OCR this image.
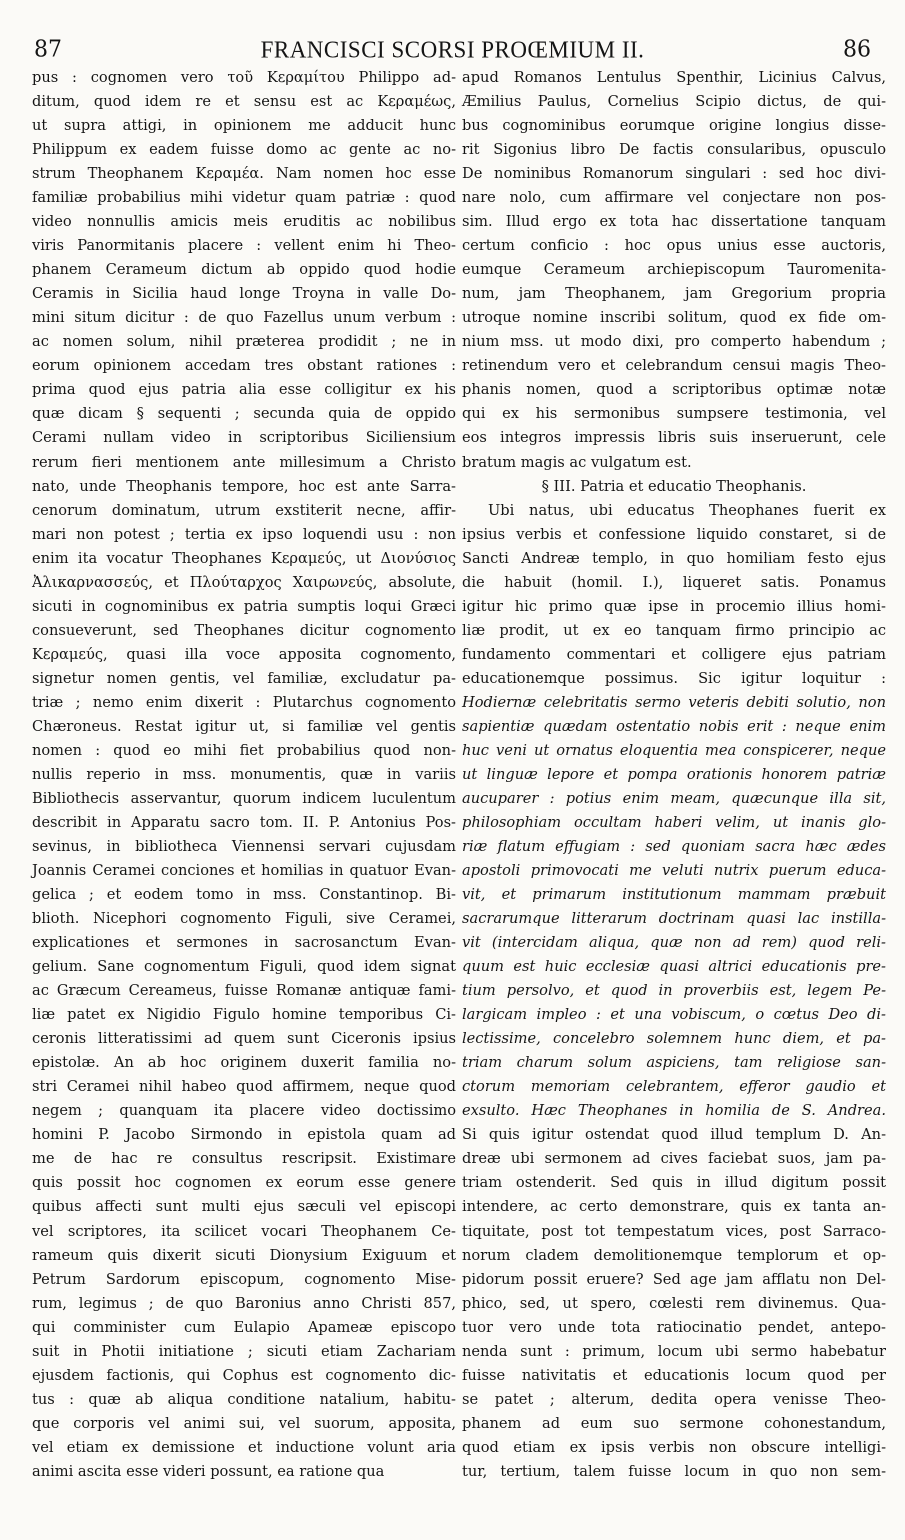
87	FRANCISCI SCORSI PROŒMIUM II.	86
pus : cognomen vero τοῦ Κεραμίτου Philippo ad-
ditum, quod idem re et sensu est ac Κεραμέως,
ut supra attigi, in opinionem me adducit hunc
Philippum ex eadem fuisse domo ac gente ac no-
strum Theophanem Κεραμέα. Nam nomen hoc esse
familiæ probabilius mihi videtur quam patriæ : quod
video nonnullis amicis meis eruditis ac nobilibus
viris Panormitanis placere : vellent enim hi Theo-
phanem Cerameum dictum ab oppido quod hodie
Ceramis in Sicilia haud longe Troyna in valle Do-
mini situm dicitur : de quo Fazellus unum verbum :
ac nomen solum, nihil præterea prodidit ; ne in
eorum opinionem accedam tres obstant rationes :
prima quod ejus patria alia esse colligitur ex his
quæ dicam § sequenti ; secunda quia de oppido
Cerami nullam video in scriptoribus Siciliensium
rerum fieri mentionem ante millesimum a Christo
nato, unde Theophanis tempore, hoc est ante Sarra-
cenorum dominatum, utrum exstiterit necne, affir-
mari non potest ; tertia ex ipso loquendi usu : non
enim ita vocatur Theophanes Κεραμεύς, ut Διονύσιος
Ἀλικαρνασσεύς, et Πλούταρχος Χαιρωνεύς, absolute,
sicuti in cognominibus ex patria sumptis loqui Græci
consueverunt, sed Theophanes dicitur cognomento
Κεραμεύς, quasi illa voce apposita cognomento,
signetur nomen gentis, vel familiæ, excludatur pa-
triæ ; nemo enim dixerit : Plutarchus cognomento
Chæroneus. Restat igitur ut, si familiæ vel gentis
nomen : quod eo mihi fiet probabilius quod non-
nullis reperio in mss. monumentis, quæ in variis
Bibliothecis asservantur, quorum indicem luculentum
describit in Apparatu sacro tom. II. P. Antonius Pos-
sevinus, in bibliotheca Viennensi servari cujusdam
Joannis Ceramei conciones et homilias in quatuor Evan-
gelica ; et eodem tomo in mss. Constantinop. Bi-
blioth. Nicephori cognomento Figuli, sive Ceramei,
explicationes et sermones in sacrosanctum Evan-
gelium. Sane cognomentum Figuli, quod idem signat
ac Græcum Cereameus, fuisse Romanæ antiquæ fami-
liæ patet ex Nigidio Figulo homine temporibus Ci-
ceronis litteratissimi ad quem sunt Ciceronis ipsius
epistolæ. An ab hoc originem duxerit familia no-
stri Ceramei nihil habeo quod affirmem, neque quod
negem ; quanquam ita placere video doctissimo
homini P. Jacobo Sirmondo in epistola quam ad
me de hac re consultus rescripsit. Existimare
quis possit hoc cognomen ex eorum esse genere
quibus affecti sunt multi ejus sæculi vel episcopi
vel scriptores, ita scilicet vocari Theophanem Ce-
rameum quis dixerit sicuti Dionysium Exiguum et
Petrum Sardorum episcopum, cognomento Mise-
rum, legimus ; de quo Baronius anno Christi 857,
qui comminister cum Eulapio Apameæ episcopo
suit in Photii initiatione ; sicuti etiam Zachariam
ejusdem factionis, qui Cophus est cognomento dic-
tus : quæ ab aliqua conditione natalium, habitu-
que corporis vel animi sui, vel suorum, apposita,
vel etiam ex demissione et inductione volunt aria
animi ascita esse videri possunt, ea ratione qua
apud Romanos Lentulus Spenthir, Licinius Calvus,
Æmilius Paulus, Cornelius Scipio dictus, de qui-
bus cognominibus eorumque origine longius disse-
rit Sigonius libro De factis consularibus, opusculo
De nominibus Romanorum singulari : sed hoc divi-
nare nolo, cum affirmare vel conjectare non pos-
sim. Illud ergo ex tota hac dissertatione tanquam
certum conficio : hoc opus unius esse auctoris,
eumque Cerameum archiepiscopum Tauromenita-
num, jam Theophanem, jam Gregorium propria
utroque nomine inscribi solitum, quod ex fide om-
nium mss. ut modo dixi, pro comperto habendum ;
retinendum vero et celebrandum censui magis Theo-
phanis nomen, quod a scriptoribus optimæ notæ
qui ex his sermonibus sumpsere testimonia, vel
eos integros impressis libris suis inseruerunt, cele
bratum magis ac vulgatum est.
§ III. Patria et educatio Theophanis.
Ubi natus, ubi educatus Theophanes fuerit ex
ipsius verbis et confessione liquido constaret, si de
Sancti Andreæ templo, in quo homiliam festo ejus
die habuit (homil. I.), liqueret satis. Ponamus
igitur hic primo quæ ipse in procemio illius homi-
liæ prodit, ut ex eo tanquam firmo principio ac
fundamento commentari et colligere ejus patriam
educationemque possimus. Sic igitur loquitur :
Hodiernæ celebritatis sermo veteris debiti solutio, non
sapientiæ quædam ostentatio nobis erit : neque enim
huc veni ut ornatus eloquentia mea conspicerer, neque
ut linguæ lepore et pompa orationis honorem patriæ
aucuparer : potius enim meam, quæcunque illa sit,
philosophiam occultam haberi velim, ut inanis glo-
riæ flatum effugiam : sed quoniam sacra hæc ædes
apostoli primovocati me veluti nutrix puerum educa-
vit, et primarum institutionum mammam præbuit
sacrarumque litterarum doctrinam quasi lac instilla-
vit (intercidam aliqua, quæ non ad rem) quod reli-
quum est huic ecclesiæ quasi altrici educationis pre-
tium persolvo, et quod in proverbiis est, legem Pe-
largicam impleo : et una vobiscum, o cœtus Deo di-
lectissime, concelebro solemnem hunc diem, et pa-
triam charum solum aspiciens, tam religiose san-
ctorum memoriam celebrantem, efferor gaudio et
exsulto. Hæc Theophanes in homilia de S. Andrea.
Si quis igitur ostendat quod illud templum D. An-
dreæ ubi sermonem ad cives faciebat suos, jam pa-
triam ostenderit. Sed quis in illud digitum possit
intendere, ac certo demonstrare, quis ex tanta an-
tiquitate, post tot tempestatum vices, post Sarraco-
norum cladem demolitionemque templorum et op-
pidorum possit eruere? Sed age jam afflatu non Del-
phico, sed, ut spero, cœlesti rem divinemus. Qua-
tuor vero unde tota ratiocinatio pendet, antepo-
nenda sunt : primum, locum ubi sermo habebatur
fuisse nativitatis et educationis locum quod per
se patet ; alterum, dedita opera venisse Theo-
phanem ad eum suo sermone cohonestandum,
quod etiam ex ipsis verbis non obscure intelligi-
tur, tertium, talem fuisse locum in quo non sem-
